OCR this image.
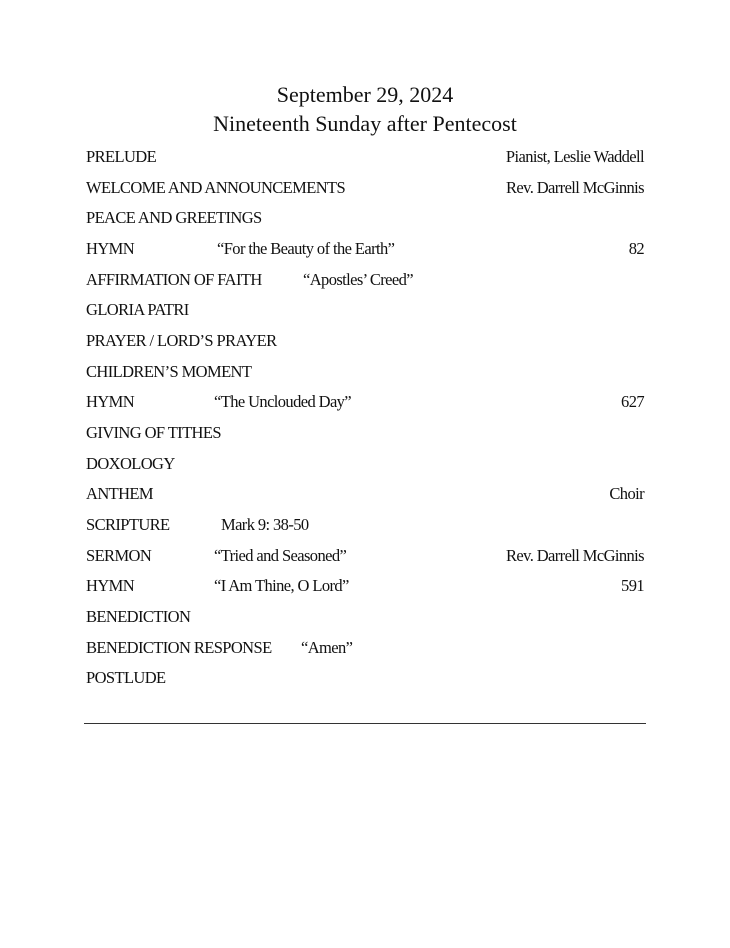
September 29, 2024
Nineteenth Sunday after Pentecost
PRELUDE	Pianist, Leslie Waddell
WELCOME AND ANNOUNCEMENTS	Rev. Darrell McGinnis
PEACE AND GREETINGS
HYMN	“For the Beauty of the Earth”	82
AFFIRMATION OF FAITH	“Apostles’ Creed”
GLORIA PATRI
PRAYER / LORD’S PRAYER
CHILDREN’S MOMENT
HYMN	“The Unclouded Day”	627
GIVING OF TITHES
DOXOLOGY
ANTHEM	Choir
SCRIPTURE	Mark 9: 38-50
SERMON	“Tried and Seasoned”	Rev. Darrell McGinnis
HYMN	“I Am Thine, O Lord”	591
BENEDICTION
BENEDICTION RESPONSE “Amen”
POSTLUDE
